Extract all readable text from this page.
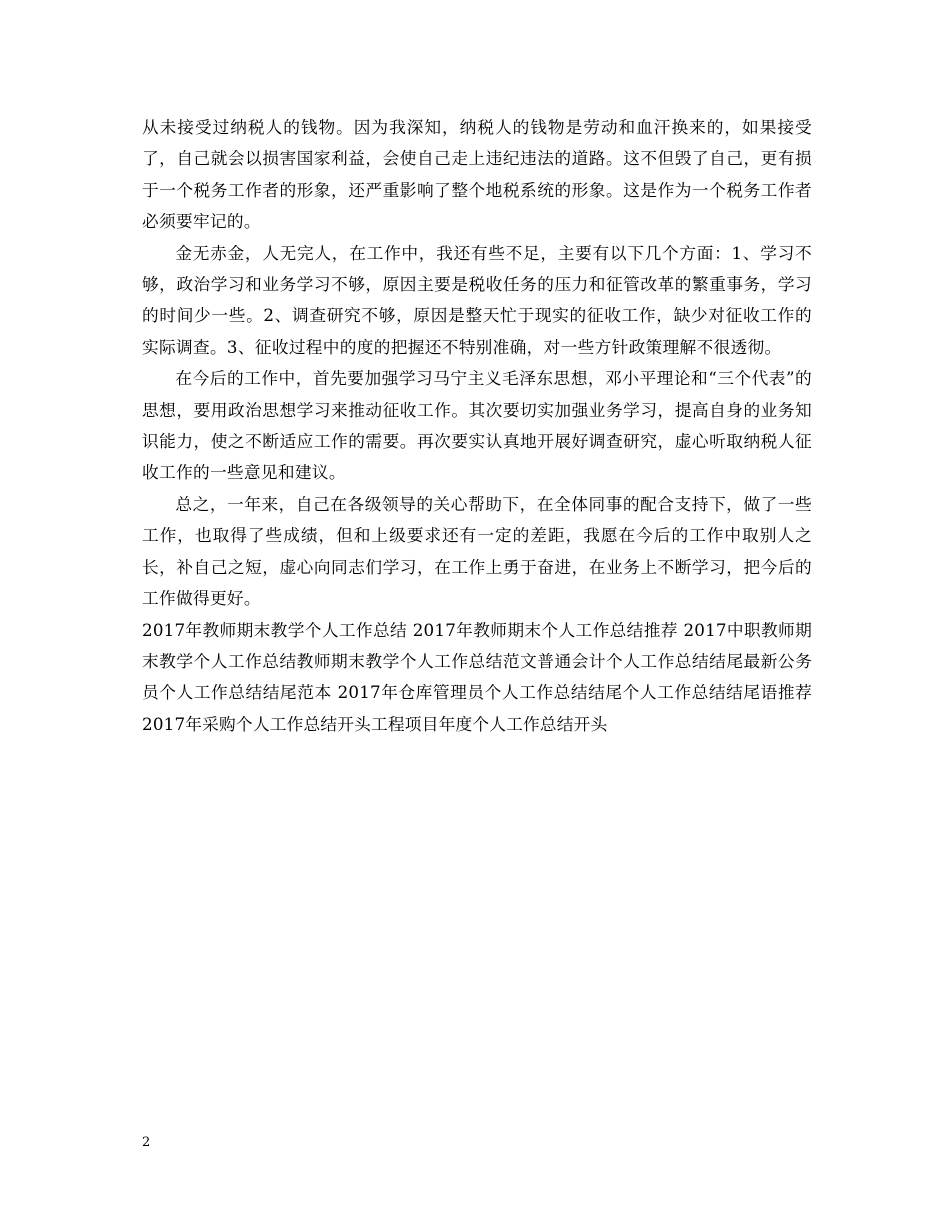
从未接受过纳税人的钱物。因为我深知，纳税人的钱物是劳动和血汗换来的，如果接受了，自己就会以损害国家利益，会使自己走上违纪违法的道路。这不但毁了自己，更有损于一个税务工作者的形象，还严重影响了整个地税系统的形象。这是作为一个税务工作者必须要牢记的。

金无赤金，人无完人，在工作中，我还有些不足，主要有以下几个方面：1、学习不够，政治学习和业务学习不够，原因主要是税收任务的压力和征管改革的繁重事务，学习的时间少一些。2、调查研究不够，原因是整天忙于现实的征收工作，缺少对征收工作的实际调查。3、征收过程中的度的把握还不特别准确，对一些方针政策理解不很透彻。

在今后的工作中，首先要加强学习马宁主义毛泽东思想，邓小平理论和“三个代表”的思想，要用政治思想学习来推动征收工作。其次要切实加强业务学习，提高自身的业务知识能力，使之不断适应工作的需要。再次要实认真地开展好调查研究，虚心听取纳税人征收工作的一些意见和建议。

总之，一年来，自己在各级领导的关心帮助下，在全体同事的配合支持下，做了一些工作，也取得了些成绩，但和上级要求还有一定的差距，我愿在今后的工作中取别人之长，补自己之短，虚心向同志们学习，在工作上勇于奋进，在业务上不断学习，把今后的工作做得更好。

2017年教师期末教学个人工作总结 2017年教师期末个人工作总结推荐 2017中职教师期末教学个人工作总结教师期末教学个人工作总结范文普通会计个人工作总结结尾最新公务员个人工作总结结尾范本 2017年仓库管理员个人工作总结结尾个人工作总结结尾语推荐 2017年采购个人工作总结开头工程项目年度个人工作总结开头

2
